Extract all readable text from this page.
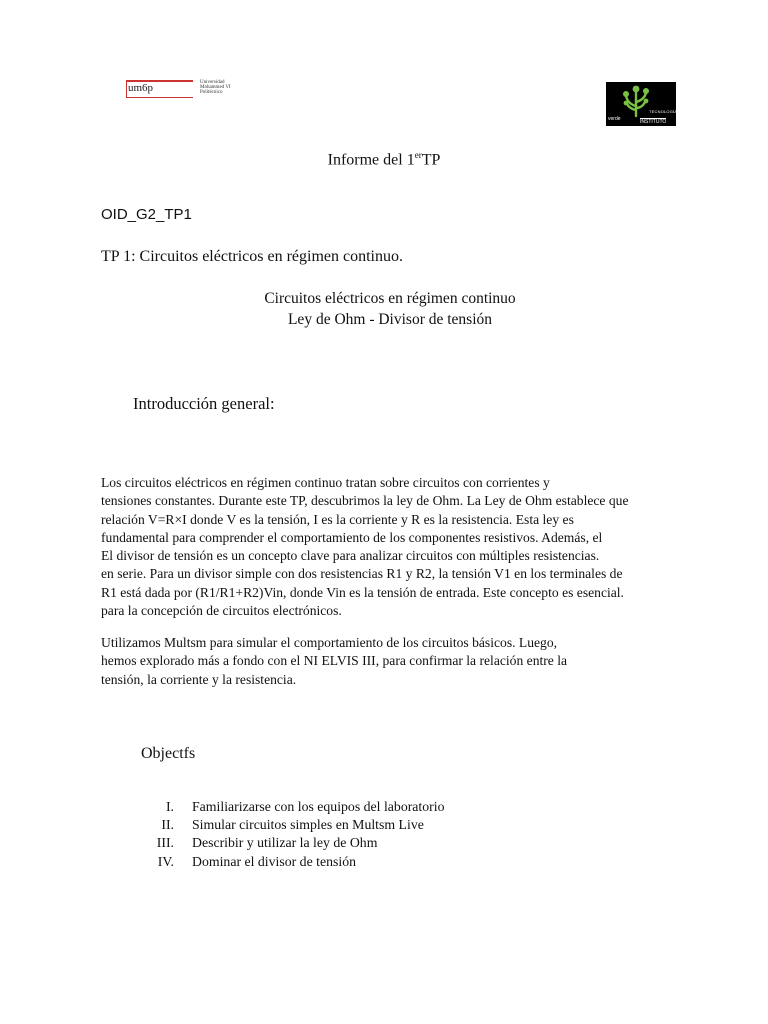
um6p	Universidad
Mohammed VI
Politécnico
TECNOLOGÍA
verde	INSTITUTO
Informe del 1erTP
OID_G2_TP1
TP 1: Circuitos eléctricos en régimen continuo.
Circuitos eléctricos en régimen continuo
Ley de Ohm - Divisor de tensión
Introducción general:
Los circuitos eléctricos en régimen continuo tratan sobre circuitos con corrientes y
tensiones constantes. Durante este TP, descubrimos la ley de Ohm. La Ley de Ohm establece que
relación V=R×I donde V es la tensión, I es la corriente y R es la resistencia. Esta ley es
fundamental para comprender el comportamiento de los componentes resistivos. Además, el
El divisor de tensión es un concepto clave para analizar circuitos con múltiples resistencias.
en serie. Para un divisor simple con dos resistencias R1 y R2, la tensión V1 en los terminales de
R1 está dada por (R1/R1+R2)Vin, donde Vin es la tensión de entrada. Este concepto es esencial.
para la concepción de circuitos electrónicos.
Utilizamos Multsm para simular el comportamiento de los circuitos básicos. Luego,
hemos explorado más a fondo con el NI ELVIS III, para confirmar la relación entre la
tensión, la corriente y la resistencia.
Objectfs
I. Familiarizarse con los equipos del laboratorio
II. Simular circuitos simples en Multsm Live
III. Describir y utilizar la ley de Ohm
IV. Dominar el divisor de tensión
